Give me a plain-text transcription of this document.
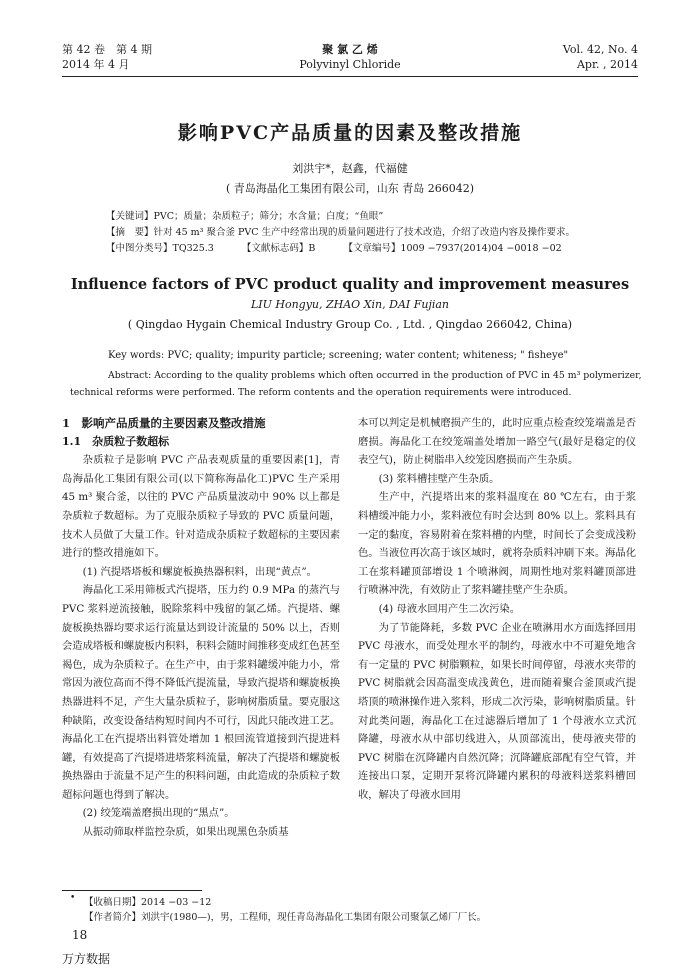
第 42 卷　第 4 期
2014 年 4 月
聚 氯 乙 烯
Polyvinyl Chloride
Vol. 42, No. 4
Apr. , 2014
影响PVC产品质量的因素及整改措施
刘洪宇*，赵鑫，代福健
( 青岛海晶化工集团有限公司，山东 青岛 266042)
【关键词】PVC；质量；杂质粒子；筛分；水含量；白度；“鱼眼”
【摘　要】针对 45 m³ 聚合釜 PVC 生产中经常出现的质量问题进行了技术改造，介绍了改造内容及操作要求。
【中图分类号】TQ325.3	【文献标志码】B	【文章编号】1009 −7937(2014)04 −0018 −02
Influence factors of PVC product quality and improvement measures
LIU Hongyu, ZHAO Xin, DAI Fujian
( Qingdao Hygain Chemical Industry Group Co. , Ltd. , Qingdao 266042, China)
Key words: PVC; quality; impurity particle; screening; water content; whiteness; " fisheye"
Abstract: According to the quality problems which often occurred in the production of PVC in 45 m³ polymerizer, technical reforms were performed. The reform contents and the operation requirements were introduced.
1　影响产品质量的主要因素及整改措施
1.1　杂质粒子数超标

杂质粒子是影响 PVC 产品表观质量的重要因素[1]，青岛海晶化工集团有限公司(以下简称海晶化工)PVC 生产采用 45 m³ 聚合釜，以往的 PVC 产品质量波动中 90% 以上都是杂质粒子数超标。为了克服杂质粒子导致的 PVC 质量问题，技术人员做了大量工作。针对造成杂质粒子数超标的主要因素进行的整改措施如下。

(1) 汽提塔塔板和螺旋板换热器积料，出现“黄点”。

海晶化工采用筛板式汽提塔，压力约 0.9 MPa 的蒸汽与 PVC 浆料逆流接触，脱除浆料中残留的氯乙烯。汽提塔、螺旋板换热器均要求运行流量达到设计流量的 50% 以上，否则会造成塔板和螺旋板内积料，积料会随时间推移变成红色甚至褐色，成为杂质粒子。在生产中，由于浆料罐缓冲能力小，常常因为液位高而不得不降低汽提流量，导致汽提塔和螺旋板换热器进料不足，产生大量杂质粒子，影响树脂质量。要克服这种缺陷，改变设备结构短时间内不可行，因此只能改进工艺。海晶化工在汽提塔出料管处增加 1 根回流管道接到汽提进料罐，有效提高了汽提塔进塔浆料流量，解决了汽提塔和螺旋板换热器由于流量不足产生的积料问题，由此造成的杂质粒子数超标问题也得到了解决。

(2) 绞笼端盖磨损出现的“黑点”。

从振动筛取样监控杂质，如果出现黑色杂质基

本可以判定是机械磨损产生的，此时应重点检查绞笼端盖是否磨损。海晶化工在绞笼端盖处增加一路空气(最好是稳定的仪表空气)，防止树脂串入绞笼因磨损而产生杂质。

(3) 浆料槽挂壁产生杂质。

生产中，汽提塔出来的浆料温度在 80 ℃左右，由于浆料槽缓冲能力小，浆料液位有时会达到 80% 以上。浆料具有一定的黏度，容易附着在浆料槽的内壁，时间长了会变成浅粉色。当液位再次高于该区域时，就将杂质料冲刷下来。海晶化工在浆料罐顶部增设 1 个喷淋阀，周期性地对浆料罐顶部进行喷淋冲洗，有效防止了浆料罐挂壁产生杂质。

(4) 母液水回用产生二次污染。

为了节能降耗，多数 PVC 企业在喷淋用水方面选择回用 PVC 母液水，而受处理水平的制约，母液水中不可避免地含有一定量的 PVC 树脂颗粒，如果长时间停留，母液水夹带的 PVC 树脂就会因高温变成浅黄色，进而随着聚合釜顶或汽提塔顶的喷淋操作进入浆料，形成二次污染，影响树脂质量。针对此类问题，海晶化工在过滤器后增加了 1 个母液水立式沉降罐，母液水从中部切线进入，从顶部流出，使母液夹带的 PVC 树脂在沉降罐内自然沉降；沉降罐底部配有空气管，并连接出口泵，定期开泵将沉降罐内累积的母液料送浆料槽回收，解决了母液水回用

• 【收稿日期】2014 −03 −12
【作者简介】刘洪宇(1980—)，男，工程师，现任青岛海晶化工集团有限公司聚氯乙烯厂厂长。
18
万方数据
